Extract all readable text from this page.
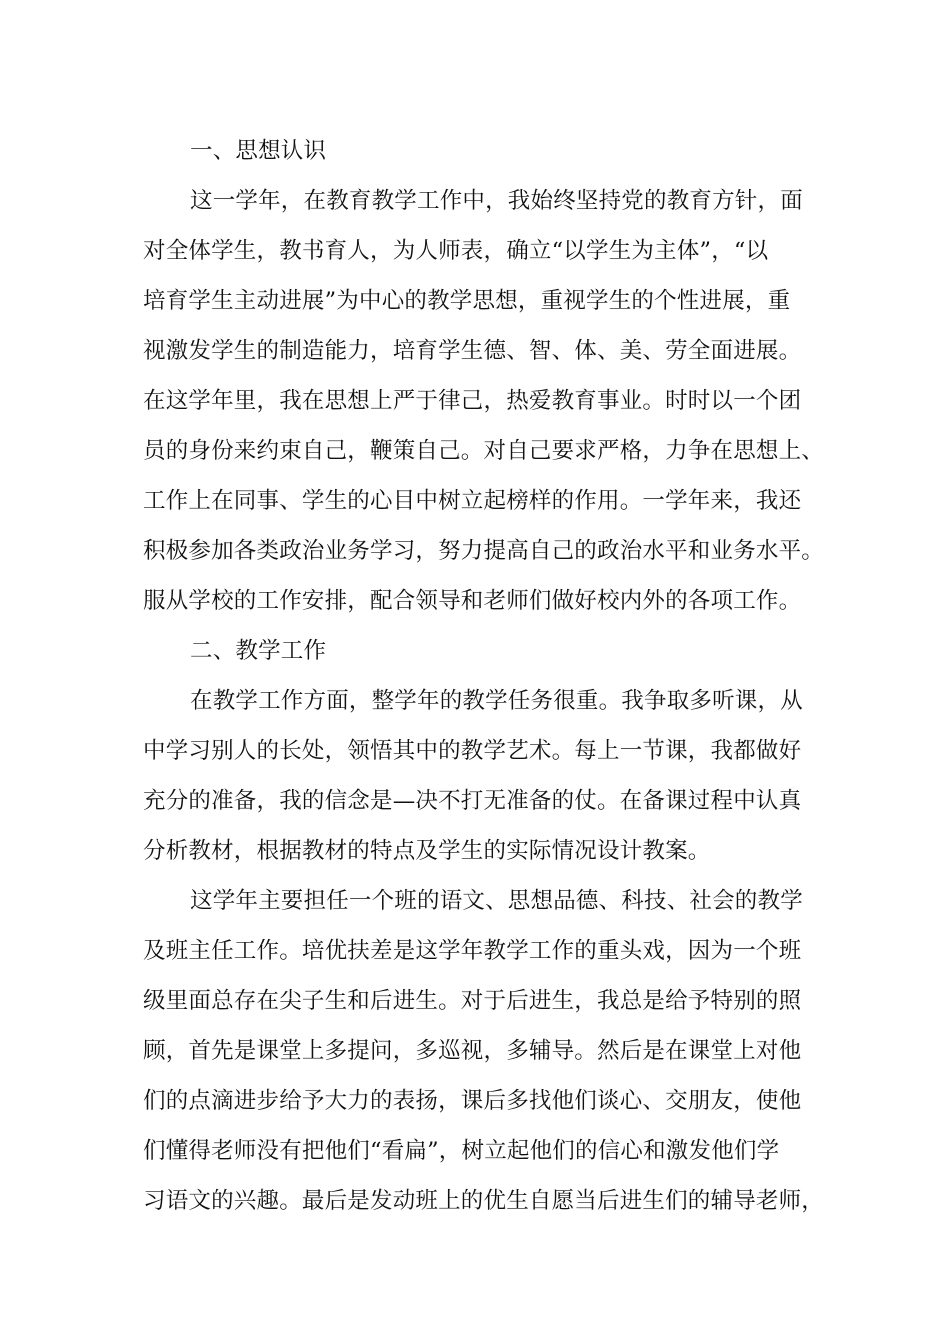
一、思想认识
这一学年，在教育教学工作中，我始终坚持党的教育方针，面
对全体学生，教书育人，为人师表，确立“以学生为主体”，“以
培育学生主动进展”为中心的教学思想，重视学生的个性进展，重
视激发学生的制造能力，培育学生德、智、体、美、劳全面进展。
在这学年里，我在思想上严于律己，热爱教育事业。时时以一个团
员的身份来约束自己，鞭策自己。对自己要求严格，力争在思想上、
工作上在同事、学生的心目中树立起榜样的作用。一学年来，我还
积极参加各类政治业务学习，努力提高自己的政治水平和业务水平。
服从学校的工作安排，配合领导和老师们做好校内外的各项工作。
二、教学工作
在教学工作方面，整学年的教学任务很重。我争取多听课，从
中学习别人的长处，领悟其中的教学艺术。每上一节课，我都做好
充分的准备，我的信念是—决不打无准备的仗。在备课过程中认真
分析教材，根据教材的特点及学生的实际情况设计教案。
这学年主要担任一个班的语文、思想品德、科技、社会的教学
及班主任工作。培优扶差是这学年教学工作的重头戏，因为一个班
级里面总存在尖子生和后进生。对于后进生，我总是给予特别的照
顾，首先是课堂上多提问，多巡视，多辅导。然后是在课堂上对他
们的点滴进步给予大力的表扬，课后多找他们谈心、交朋友，使他
们懂得老师没有把他们“看扁”，树立起他们的信心和激发他们学
习语文的兴趣。最后是发动班上的优生自愿当后进生们的辅导老师，
